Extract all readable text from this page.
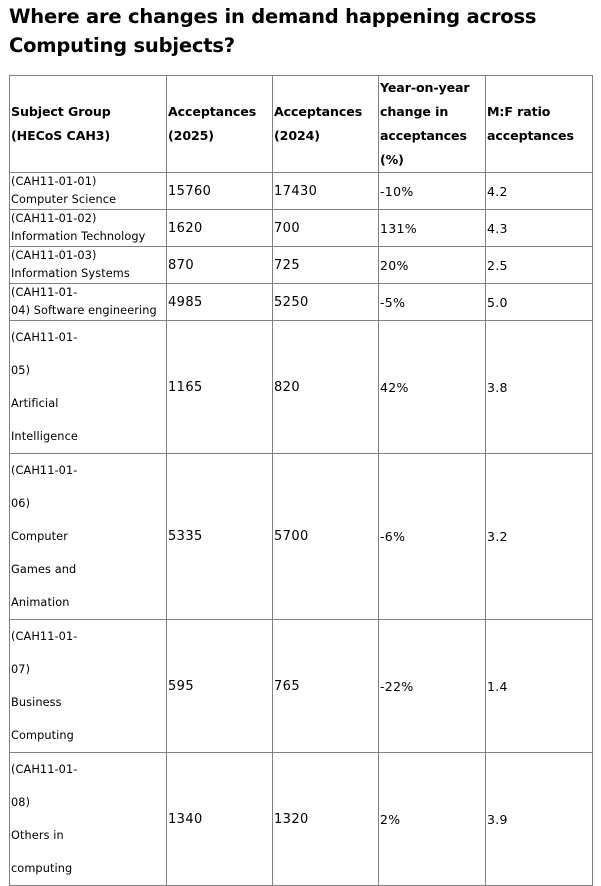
Where are changes in demand happening across Computing subjects?
Subject Group (HECoS CAH3)	Acceptances (2025)	Acceptances (2024)	Year-on-year change in acceptances (%)	M:F ratio acceptances

(CAH11-01-01)
Computer Science	15760	17430	-10%	4.2

(CAH11-01-02)
Information Technology	1620	700	131%	4.3

(CAH11-01-03)
Information Systems	870	725	20%	2.5

(CAH11-01-
04) Software engineering	4985	5250	-5%	5.0

(CAH11-01-05)
Artificial Intelligence	1165	820	42%	3.8

(CAH11-01-06)
Computer Games and Animation	5335	5700	-6%	3.2

(CAH11-01-07)
Business Computing	595	765	-22%	1.4

(CAH11-01-08)
Others in computing	1340	1320	2%	3.9
